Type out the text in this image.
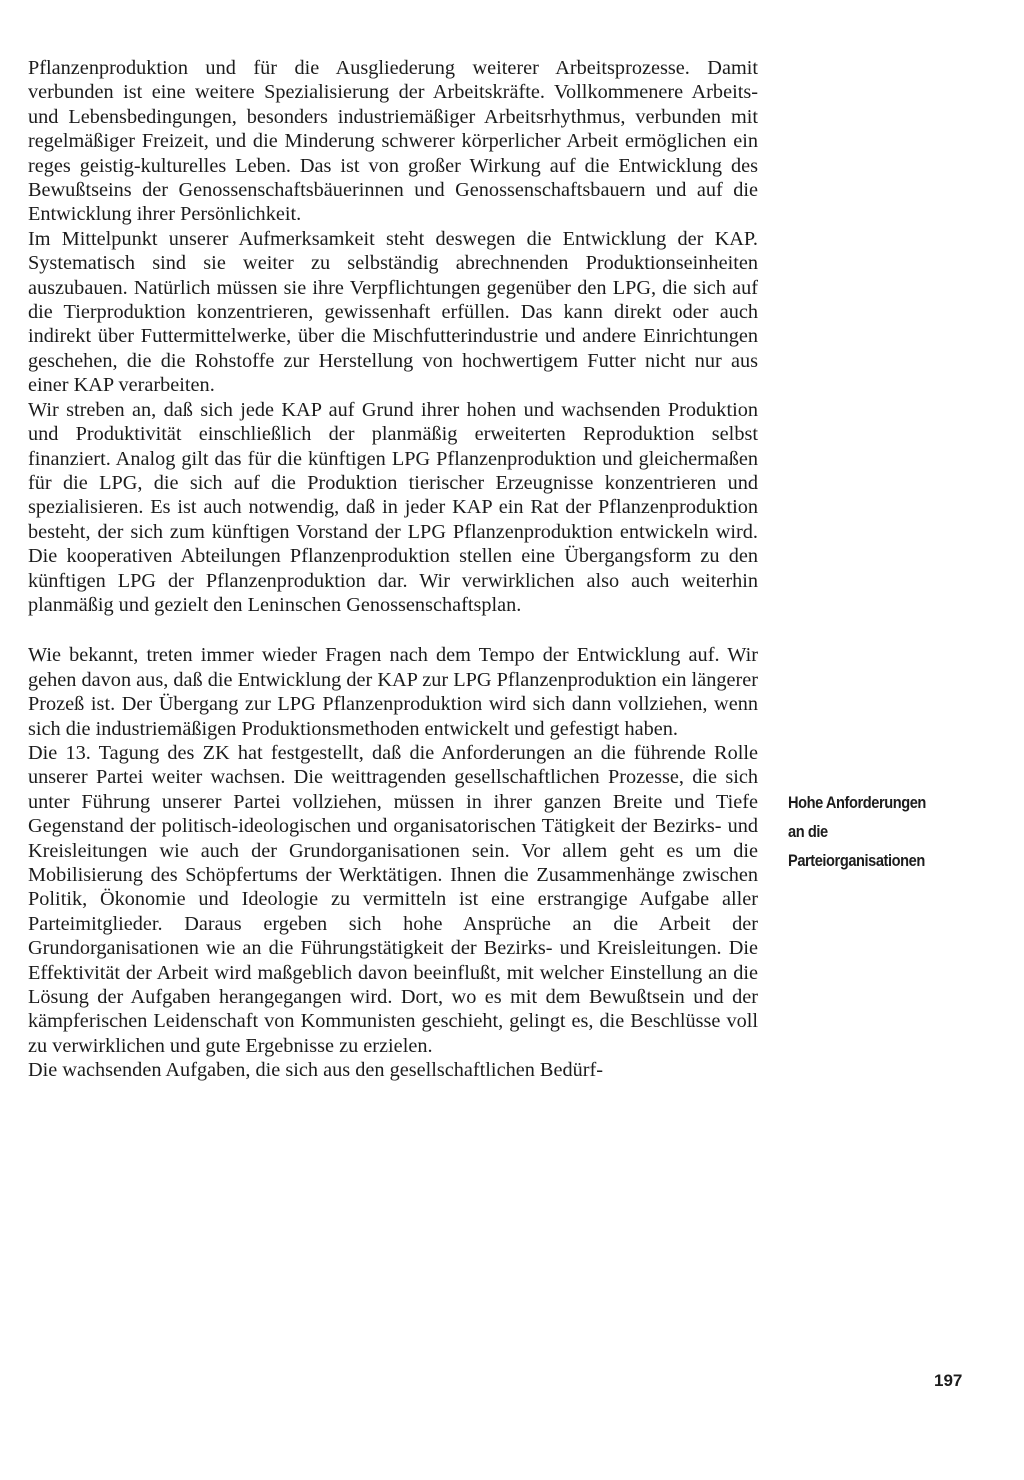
Pflanzenproduktion und für die Ausgliederung weiterer Arbeitsprozesse. Damit verbunden ist eine weitere Spezialisierung der Arbeitskräfte. Vollkommenere Arbeits- und Lebensbedingungen, besonders industriemäßiger Arbeitsrhythmus, verbunden mit regelmäßiger Freizeit, und die Minderung schwerer körperlicher Arbeit ermöglichen ein reges geistig-kulturelles Leben. Das ist von großer Wirkung auf die Entwicklung des Bewußtseins der Genossenschaftsbäuerinnen und Genossenschaftsbauern und auf die Entwicklung ihrer Persönlichkeit.

Im Mittelpunkt unserer Aufmerksamkeit steht deswegen die Entwicklung der KAP. Systematisch sind sie weiter zu selbständig abrechnenden Produktionseinheiten auszubauen. Natürlich müssen sie ihre Verpflichtungen gegenüber den LPG, die sich auf die Tierproduktion konzentrieren, gewissenhaft erfüllen. Das kann direkt oder auch indirekt über Futtermittelwerke, über die Mischfutterindustrie und andere Einrichtungen geschehen, die die Rohstoffe zur Herstellung von hochwertigem Futter nicht nur aus einer KAP verarbeiten.

Wir streben an, daß sich jede KAP auf Grund ihrer hohen und wachsenden Produktion und Produktivität einschließlich der planmäßig erweiterten Reproduktion selbst finanziert. Analog gilt das für die künftigen LPG Pflanzenproduktion und gleichermaßen für die LPG, die sich auf die Produktion tierischer Erzeugnisse konzentrieren und spezialisieren. Es ist auch notwendig, daß in jeder KAP ein Rat der Pflanzenproduktion besteht, der sich zum künftigen Vorstand der LPG Pflanzenproduktion entwickeln wird. Die kooperativen Abteilungen Pflanzenproduktion stellen eine Übergangsform zu den künftigen LPG der Pflanzenproduktion dar. Wir verwirklichen also auch weiterhin planmäßig und gezielt den Leninschen Genossenschaftsplan.

Wie bekannt, treten immer wieder Fragen nach dem Tempo der Entwicklung auf. Wir gehen davon aus, daß die Entwicklung der KAP zur LPG Pflanzenproduktion ein längerer Prozeß ist. Der Übergang zur LPG Pflanzenproduktion wird sich dann vollziehen, wenn sich die industriemäßigen Produktionsmethoden entwickelt und gefestigt haben.

Die 13. Tagung des ZK hat festgestellt, daß die Anforderungen an die führende Rolle unserer Partei weiter wachsen. Die weittragenden gesellschaftlichen Prozesse, die sich unter Führung unserer Partei vollziehen, müssen in ihrer ganzen Breite und Tiefe Gegenstand der politisch-ideologischen und organisatorischen Tätigkeit der Bezirks- und Kreisleitungen wie auch der Grundorganisationen sein. Vor allem geht es um die Mobilisierung des Schöpfertums der Werktätigen. Ihnen die Zusammenhänge zwischen Politik, Ökonomie und Ideologie zu vermitteln ist eine erstrangige Aufgabe aller Parteimitglieder. Daraus ergeben sich hohe Ansprüche an die Arbeit der Grundorganisationen wie an die Führungstätigkeit der Bezirks- und Kreisleitungen. Die Effektivität der Arbeit wird maßgeblich davon beeinflußt, mit welcher Einstellung an die Lösung der Aufgaben herangegangen wird. Dort, wo es mit dem Bewußtsein und der kämpferischen Leidenschaft von Kommunisten geschieht, gelingt es, die Beschlüsse voll zu verwirklichen und gute Ergebnisse zu erzielen.

Die wachsenden Aufgaben, die sich aus den gesellschaftlichen Bedürf-

Hohe Anforderungen
an die
Parteiorganisationen
197
